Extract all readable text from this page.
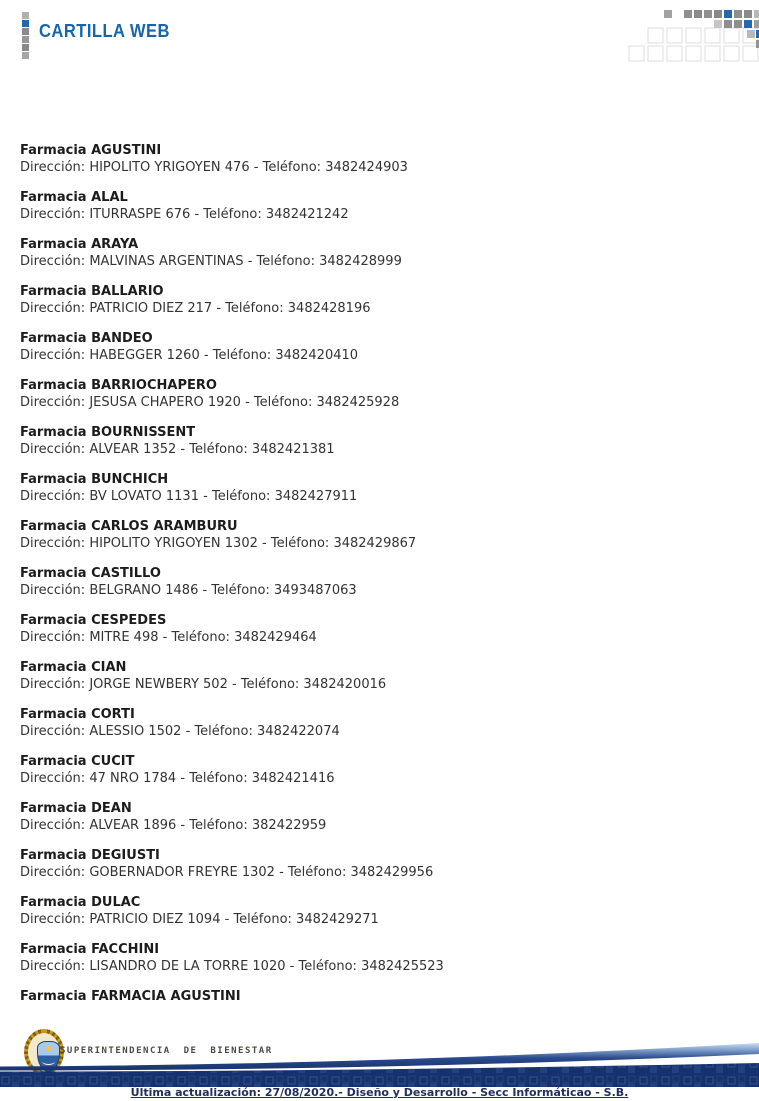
CARTILLA WEB
Farmacia AGUSTINI
Dirección: HIPOLITO YRIGOYEN 476 - Teléfono: 3482424903
Farmacia ALAL
Dirección: ITURRASPE 676 - Teléfono: 3482421242
Farmacia ARAYA
Dirección: MALVINAS ARGENTINAS - Teléfono: 3482428999
Farmacia BALLARIO
Dirección: PATRICIO DIEZ 217 - Teléfono: 3482428196
Farmacia BANDEO
Dirección: HABEGGER 1260 - Teléfono: 3482420410
Farmacia BARRIOCHAPERO
Dirección: JESUSA CHAPERO 1920 - Teléfono: 3482425928
Farmacia BOURNISSENT
Dirección: ALVEAR 1352 - Teléfono: 3482421381
Farmacia BUNCHICH
Dirección: BV LOVATO 1131 - Teléfono: 3482427911
Farmacia CARLOS ARAMBURU
Dirección: HIPOLITO YRIGOYEN 1302 - Teléfono: 3482429867
Farmacia CASTILLO
Dirección: BELGRANO 1486 - Teléfono: 3493487063
Farmacia CESPEDES
Dirección: MITRE 498 - Teléfono: 3482429464
Farmacia CIAN
Dirección: JORGE NEWBERY 502 - Teléfono: 3482420016
Farmacia CORTI
Dirección: ALESSIO 1502 - Teléfono: 3482422074
Farmacia CUCIT
Dirección: 47 NRO 1784 - Teléfono: 3482421416
Farmacia DEAN
Dirección: ALVEAR 1896 - Teléfono: 382422959
Farmacia DEGIUSTI
Dirección: GOBERNADOR FREYRE 1302 - Teléfono: 3482429956
Farmacia DULAC
Dirección: PATRICIO DIEZ 1094 - Teléfono: 3482429271
Farmacia FACCHINI
Dirección: LISANDRO DE LA TORRE 1020 - Teléfono: 3482425523
Farmacia FARMACIA AGUSTINI
SUPERINTENDENCIA DE BIENESTAR
Última actualización: 27/08/2020.- Diseño y Desarrollo - Secc Informáticao - S.B.
